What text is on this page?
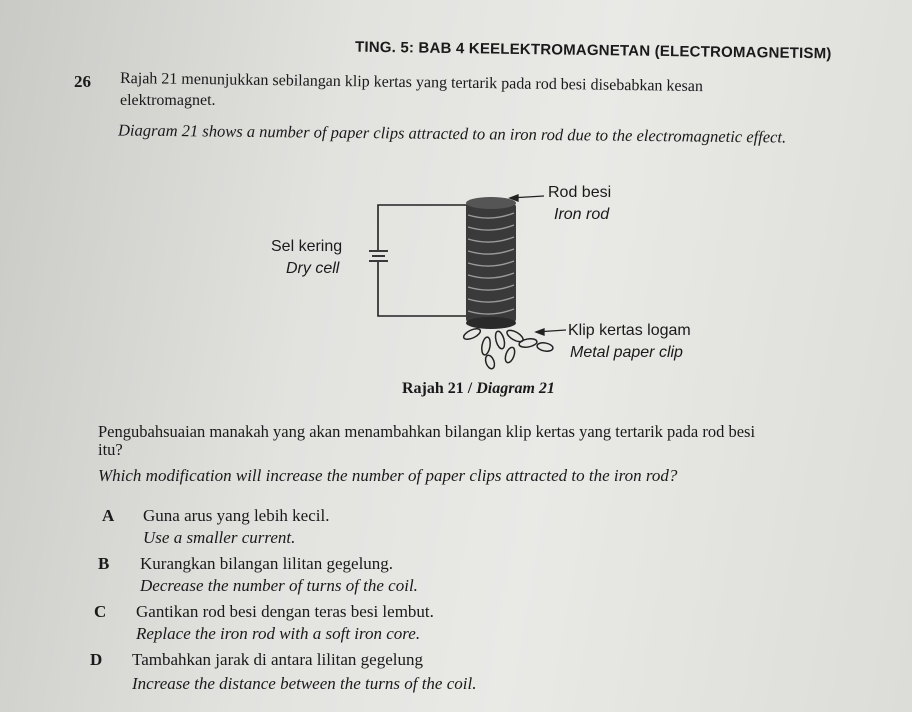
TING. 5: BAB 4 KEELEKTROMAGNETAN (ELECTROMAGNETISM)
26 Rajah 21 menunjukkan sebilangan klip kertas yang tertarik pada rod besi disebabkan kesan
elektromagnet.
Diagram 21 shows a number of paper clips attracted to an iron rod due to the electromagnetic effect.
Rod besi
Iron rod
Sel kering
Dry cell
Klip kertas logam
Metal paper clip
Rajah 21 / Diagram 21
Pengubahsuaian manakah yang akan menambahkan bilangan klip kertas yang tertarik pada rod besi
itu?
Which modification will increase the number of paper clips attracted to the iron rod?
A Guna arus yang lebih kecil.
Use a smaller current.
B Kurangkan bilangan lilitan gegelung.
Decrease the number of turns of the coil.
C Gantikan rod besi dengan teras besi lembut.
Replace the iron rod with a soft iron core.
D Tambahkan jarak di antara lilitan gegelung
Increase the distance between the turns of the coil.
